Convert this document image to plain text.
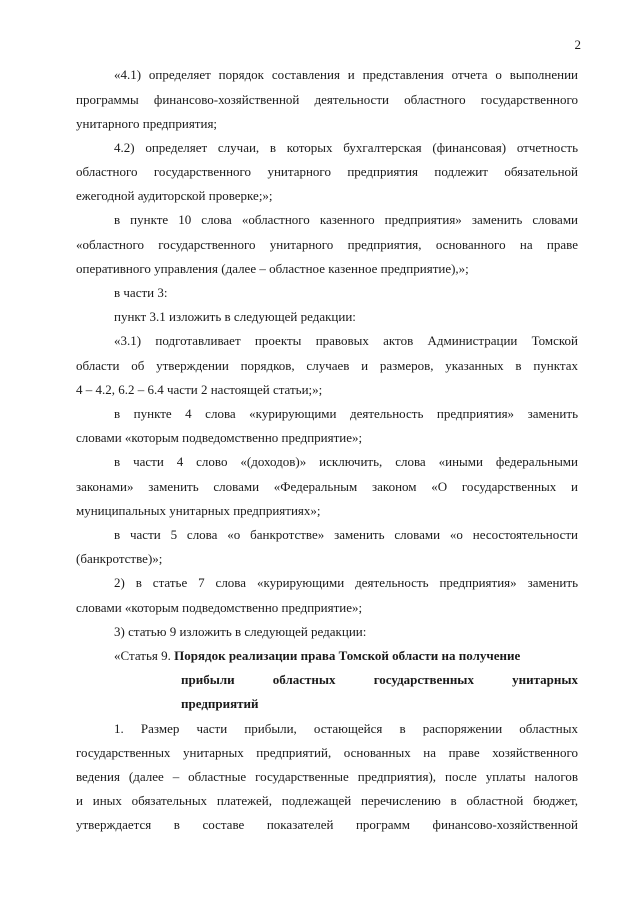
2
«4.1) определяет порядок составления и представления отчета о выполнении
программы финансово-хозяйственной деятельности областного государственного
унитарного предприятия;
4.2) определяет случаи, в которых бухгалтерская (финансовая) отчетность
областного государственного унитарного предприятия подлежит обязательной
ежегодной аудиторской проверке;»;
в пункте 10 слова «областного казенного предприятия» заменить словами
«областного государственного унитарного предприятия, основанного на праве
оперативного управления (далее – областное казенное предприятие),»;
в части 3:
пункт 3.1 изложить в следующей редакции:
«3.1) подготавливает проекты правовых актов Администрации Томской
области об утверждении порядков, случаев и размеров, указанных в пунктах
4 – 4.2, 6.2 – 6.4 части 2 настоящей статьи;»;
в пункте 4 слова «курирующими деятельность предприятия» заменить
словами «которым подведомственно предприятие»;
в части 4 слово «(доходов)» исключить, слова «иными федеральными
законами» заменить словами «Федеральным законом «О государственных и
муниципальных унитарных предприятиях»;
в части 5 слова «о банкротстве» заменить словами «о несостоятельности
(банкротстве)»;
2) в статье 7 слова «курирующими деятельность предприятия» заменить
словами «которым подведомственно предприятие»;
3) статью 9 изложить в следующей редакции:
«Статья 9. Порядок реализации права Томской области на получение
прибыли областных государственных унитарных
предприятий
1. Размер части прибыли, остающейся в распоряжении областных
государственных унитарных предприятий, основанных на праве хозяйственного
ведения (далее – областные государственные предприятия), после уплаты налогов
и иных обязательных платежей, подлежащей перечислению в областной бюджет,
утверждается в составе показателей программ финансово-хозяйственной
